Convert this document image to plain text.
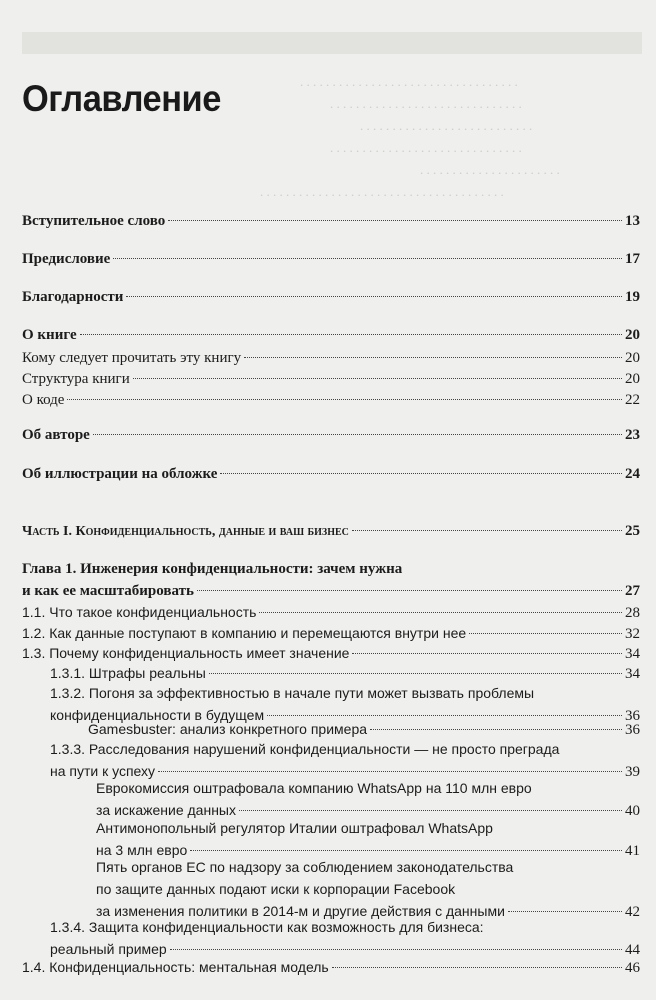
. . . . . . . . . . . . . . . . . . . . . . . . . . . . . . . . . .
. . . . . . . . . . . . . . . . . . . . . . . . . . . . . .
. . . . . . . . . . . . . . . . . . . . . . . . . . .
. . . . . . . . . . . . . . . . . . . . . . . . . . . . . .
. . . . . . . . . . . . . . . . . . . . . .
. . . . . . . . . . . . . . . . . . . . . . . . . . . . . . . . . . . . . .
Оглавление
Вступительное слово	13
Предисловие	17
Благодарности	19
О книге	20
Кому следует прочитать эту книгу	20
Структура книги	20
О коде	22
Об авторе	23
Об иллюстрации на обложке	24
Часть I. Конфиденциальность, данные и ваш бизнес	25
Глава 1. Инженерия конфиденциальности: зачем нужна
и как ее масштабировать	27
1.1. Что такое конфиденциальность	28
1.2. Как данные поступают в компанию и перемещаются внутри нее	32
1.3. Почему конфиденциальность имеет значение	34
1.3.1. Штрафы реальны	34
1.3.2. Погоня за эффективностью в начале пути может вызвать проблемы
конфиденциальности в будущем	36
Gamesbuster: анализ конкретного примера	36
1.3.3. Расследования нарушений конфиденциальности — не просто преграда
на пути к успеху	39
Еврокомиссия оштрафовала компанию WhatsApp на 110 млн евро
за искажение данных	40
Антимонопольный регулятор Италии оштрафовал WhatsApp
на 3 млн евро	41
Пять органов ЕС по надзору за соблюдением законодательства
по защите данных подают иски к корпорации Facebook
за изменения политики в 2014-м и другие действия с данными	42
1.3.4. Защита конфиденциальности как возможность для бизнеса:
реальный пример	44
1.4. Конфиденциальность: ментальная модель	46
